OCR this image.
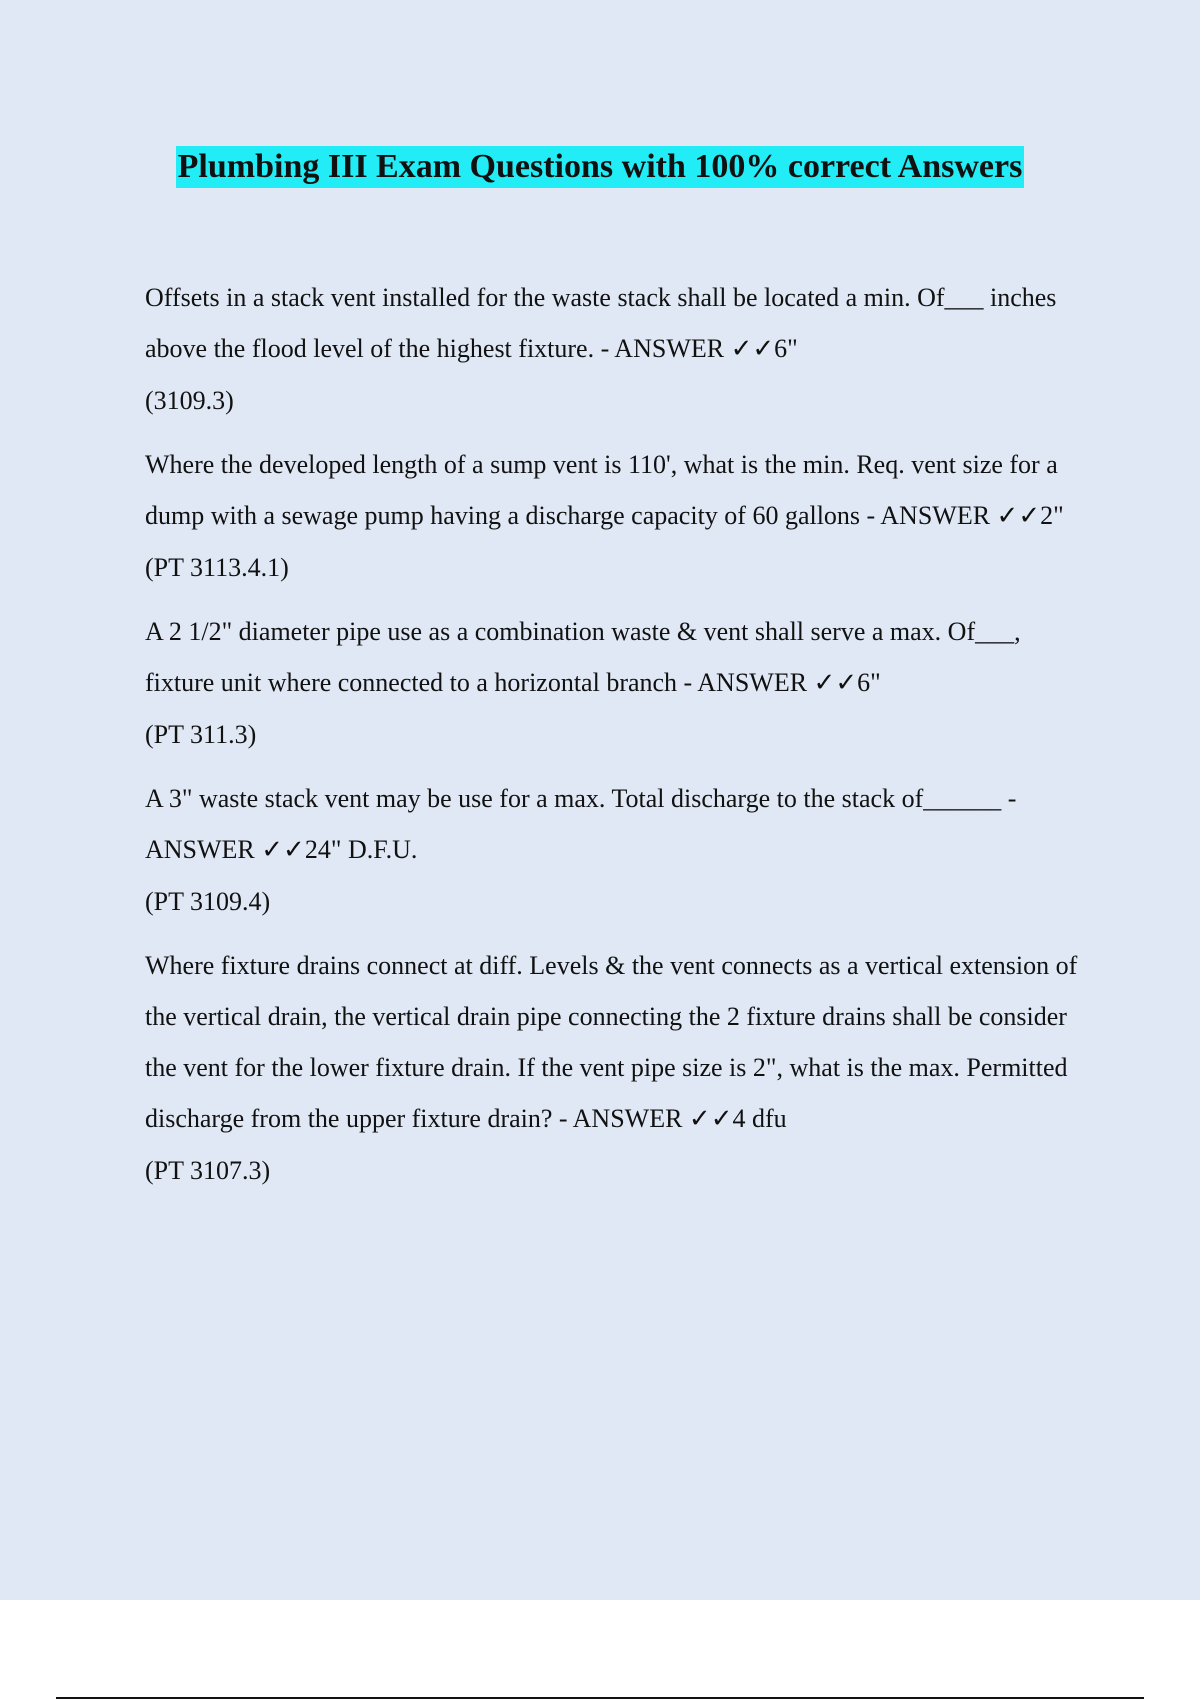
Plumbing III Exam Questions with 100% correct Answers

Offsets in a stack vent installed for the waste stack shall be located a min. Of___ inches above the flood level of the highest fixture. - ANSWER ✓✓6"

(3109.3)

Where the developed length of a sump vent is 110', what is the min. Req. vent size for a dump with a sewage pump having a discharge capacity of 60 gallons - ANSWER ✓✓2"

(PT 3113.4.1)

A 2 1/2" diameter pipe use as a combination waste & vent shall serve a max. Of___, fixture unit where connected to a horizontal branch - ANSWER ✓✓6"

(PT 311.3)

A 3" waste stack vent may be use for a max. Total discharge to the stack of______ - ANSWER ✓✓24" D.F.U.

(PT 3109.4)

Where fixture drains connect at diff. Levels & the vent connects as a vertical extension of the vertical drain, the vertical drain pipe connecting the 2 fixture drains shall be consider the vent for the lower fixture drain. If the vent pipe size is 2", what is the max. Permitted discharge from the upper fixture drain? - ANSWER ✓✓4 dfu

(PT 3107.3)
